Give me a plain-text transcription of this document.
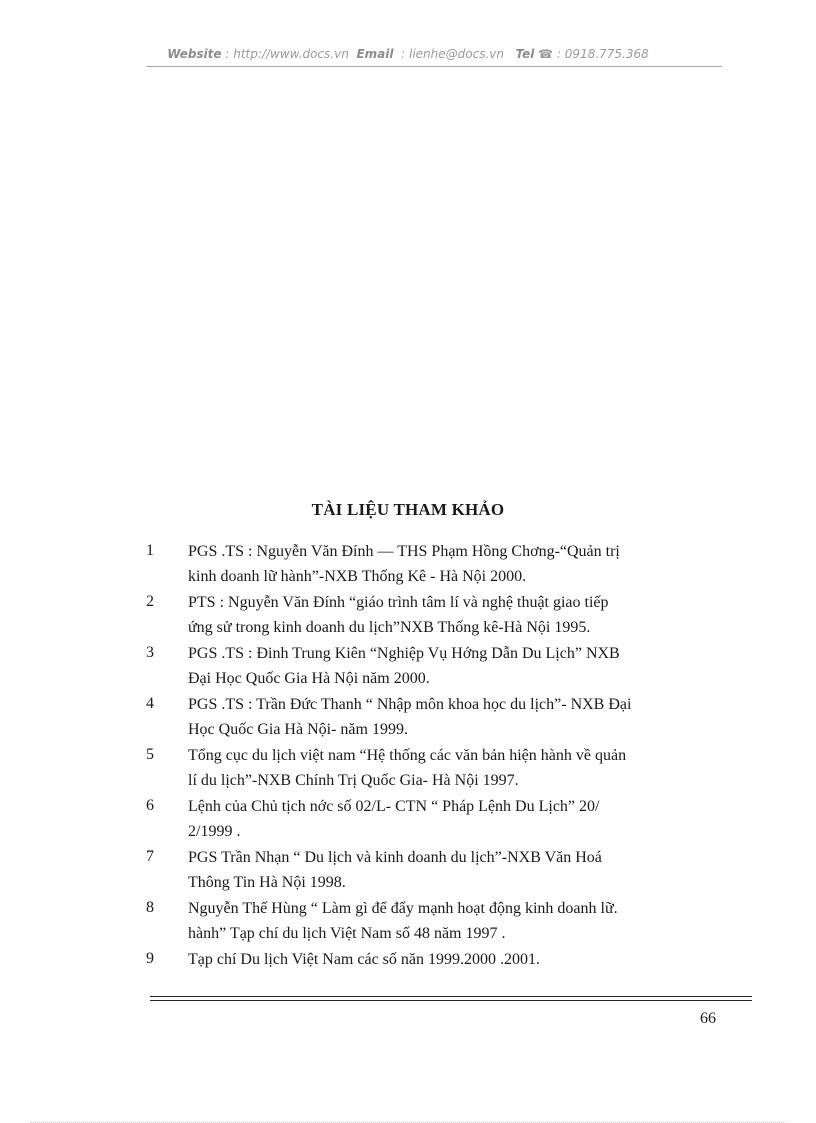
Website : http://www.docs.vn Email : lienhe@docs.vn Tel ☎ : 0918.775.368
TÀI LIỆU THAM KHẢO
1 PGS .TS : Nguyễn Văn Đính — THS Phạm Hồng Chơng-“Quản trị
kinh doanh lữ hành”-NXB Thống Kê - Hà Nội 2000.
2 PTS : Nguyễn Văn Đính “giáo trình tâm lí và nghệ thuật giao tiếp
ứng sử trong kinh doanh du lịch”NXB Thống kê-Hà Nội 1995.
3 PGS .TS : Đinh Trung Kiên “Nghiệp Vụ Hớng Dẫn Du Lịch” NXB
Đại Học Quốc Gia Hà Nội năm 2000.
4 PGS .TS : Trần Đức Thanh “ Nhập môn khoa học du lịch”- NXB Đại
Học Quốc Gia Hà Nội- năm 1999.
5 Tổng cục du lịch việt nam “Hệ thống các văn bản hiện hành về quản
lí du lịch”-NXB Chính Trị Quốc Gia- Hà Nội 1997.
6 Lệnh của Chủ tịch nớc số 02/L- CTN “ Pháp Lệnh Du Lịch” 20/
2/1999 .
7 PGS Trần Nhạn “ Du lịch và kinh doanh du lịch”-NXB Văn Hoá
Thông Tin Hà Nội 1998.
8 Nguyễn Thế Hùng “ Làm gì để đẩy mạnh hoạt động kinh doanh lữ.
hành” Tạp chí du lịch Việt Nam số 48 năm 1997 .
9 Tạp chí Du lịch Việt Nam các số năn 1999.2000 .2001.
66
